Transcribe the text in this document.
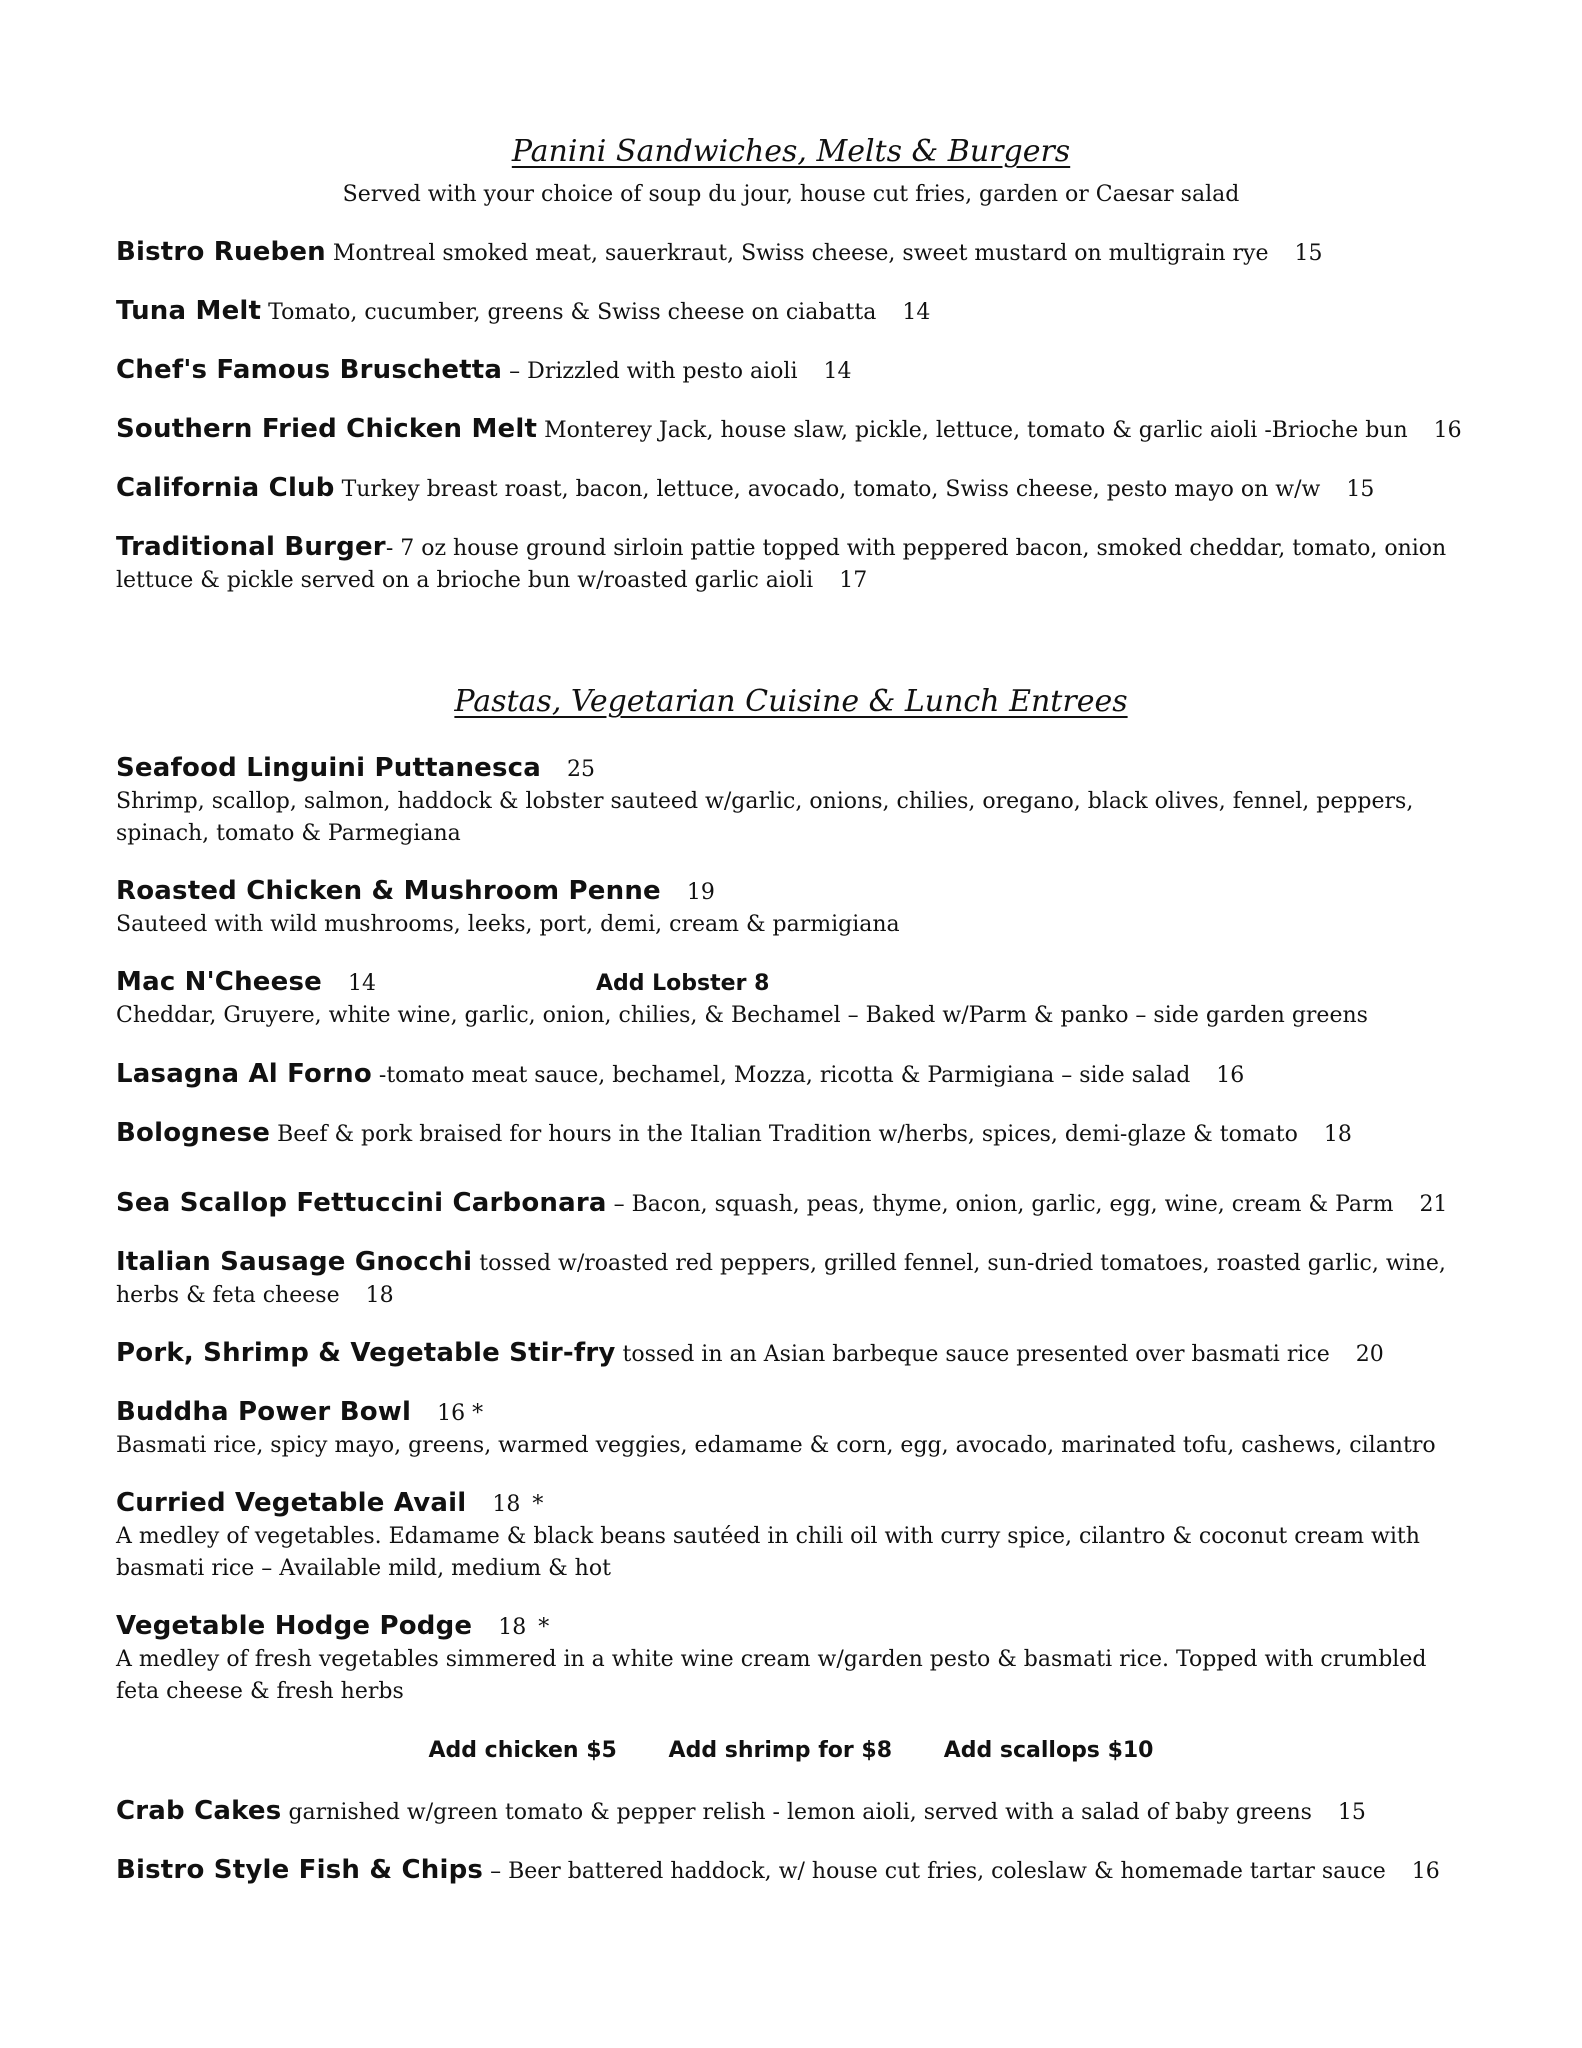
Panini Sandwiches, Melts & Burgers
Served with your choice of soup du jour, house cut fries, garden or Caesar salad
Bistro Rueben Montreal smoked meat, sauerkraut, Swiss cheese, sweet mustard on multigrain rye 15
Tuna Melt Tomato, cucumber, greens & Swiss cheese on ciabatta 14
Chef's Famous Bruschetta – Drizzled with pesto aioli 14
Southern Fried Chicken Melt Monterey Jack, house slaw, pickle, lettuce, tomato & garlic aioli -Brioche bun 16
California Club Turkey breast roast, bacon, lettuce, avocado, tomato, Swiss cheese, pesto mayo on w/w 15
Traditional Burger- 7 oz house ground sirloin pattie topped with peppered bacon, smoked cheddar, tomato, onion lettuce & pickle served on a brioche bun w/roasted garlic aioli 17
Pastas, Vegetarian Cuisine & Lunch Entrees
Seafood Linguini Puttanesca 25
Shrimp, scallop, salmon, haddock & lobster sauteed w/garlic, onions, chilies, oregano, black olives, fennel, peppers, spinach, tomato & Parmegiana
Roasted Chicken & Mushroom Penne 19
Sauteed with wild mushrooms, leeks, port, demi, cream & parmigiana
Mac N'Cheese 14	Add Lobster 8
Cheddar, Gruyere, white wine, garlic, onion, chilies, & Bechamel – Baked w/Parm & panko – side garden greens
Lasagna Al Forno -tomato meat sauce, bechamel, Mozza, ricotta & Parmigiana – side salad 16
Bolognese Beef & pork braised for hours in the Italian Tradition w/herbs, spices, demi-glaze & tomato 18
Sea Scallop Fettuccini Carbonara – Bacon, squash, peas, thyme, onion, garlic, egg, wine, cream & Parm 21
Italian Sausage Gnocchi tossed w/roasted red peppers, grilled fennel, sun-dried tomatoes, roasted garlic, wine, herbs & feta cheese 18
Pork, Shrimp & Vegetable Stir-fry tossed in an Asian barbeque sauce presented over basmati rice 20
Buddha Power Bowl 16 *
Basmati rice, spicy mayo, greens, warmed veggies, edamame & corn, egg, avocado, marinated tofu, cashews, cilantro
Curried Vegetable Avail 18 *
A medley of vegetables. Edamame & black beans sautéed in chili oil with curry spice, cilantro & coconut cream with basmati rice – Available mild, medium & hot
Vegetable Hodge Podge 18 *
A medley of fresh vegetables simmered in a white wine cream w/garden pesto & basmati rice. Topped with crumbled feta cheese & fresh herbs
Add chicken $5 Add shrimp for $8 Add scallops $10
Crab Cakes garnished w/green tomato & pepper relish - lemon aioli, served with a salad of baby greens 15
Bistro Style Fish & Chips – Beer battered haddock, w/ house cut fries, coleslaw & homemade tartar sauce 16
